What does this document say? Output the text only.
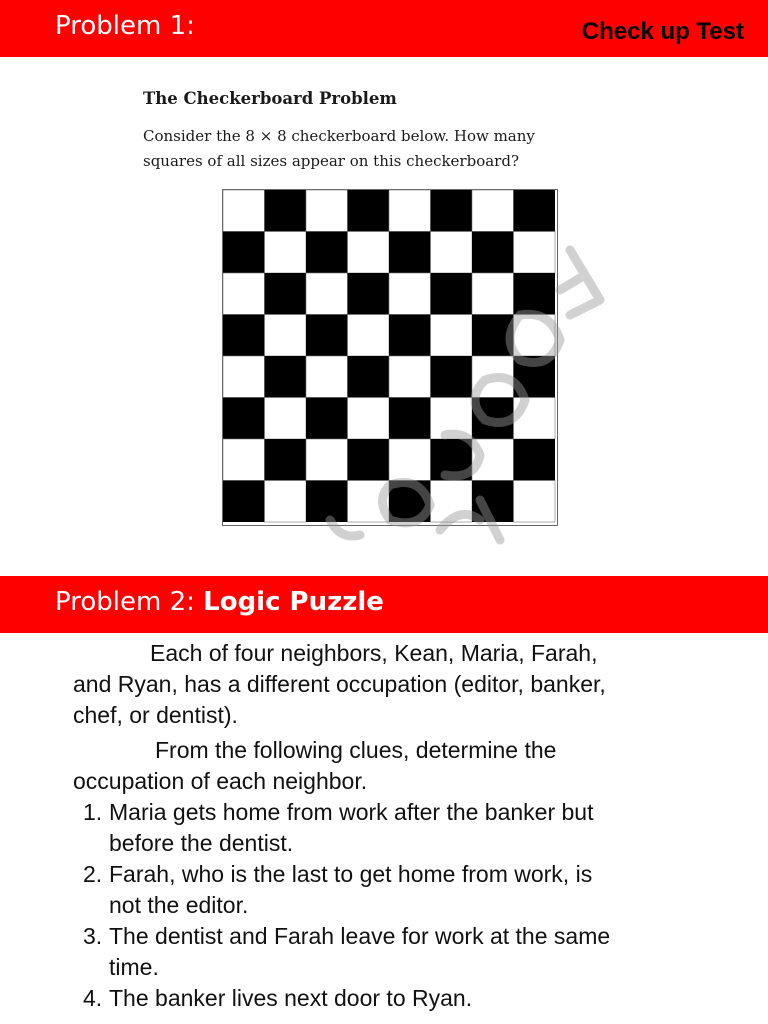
Problem 1:	Check up Test
The Checkerboard Problem
Consider the 8 × 8 checkerboard below. How many
squares of all sizes appear on this checkerboard?
Problem 2: Logic Puzzle
Each of four neighbors, Kean, Maria, Farah,
and Ryan, has a different occupation (editor, banker,
chef, or dentist).
From the following clues, determine the
occupation of each neighbor.
1. Maria gets home from work after the banker but
before the dentist.
2. Farah, who is the last to get home from work, is
not the editor.
3. The dentist and Farah leave for work at the same
time.
4. The banker lives next door to Ryan.
